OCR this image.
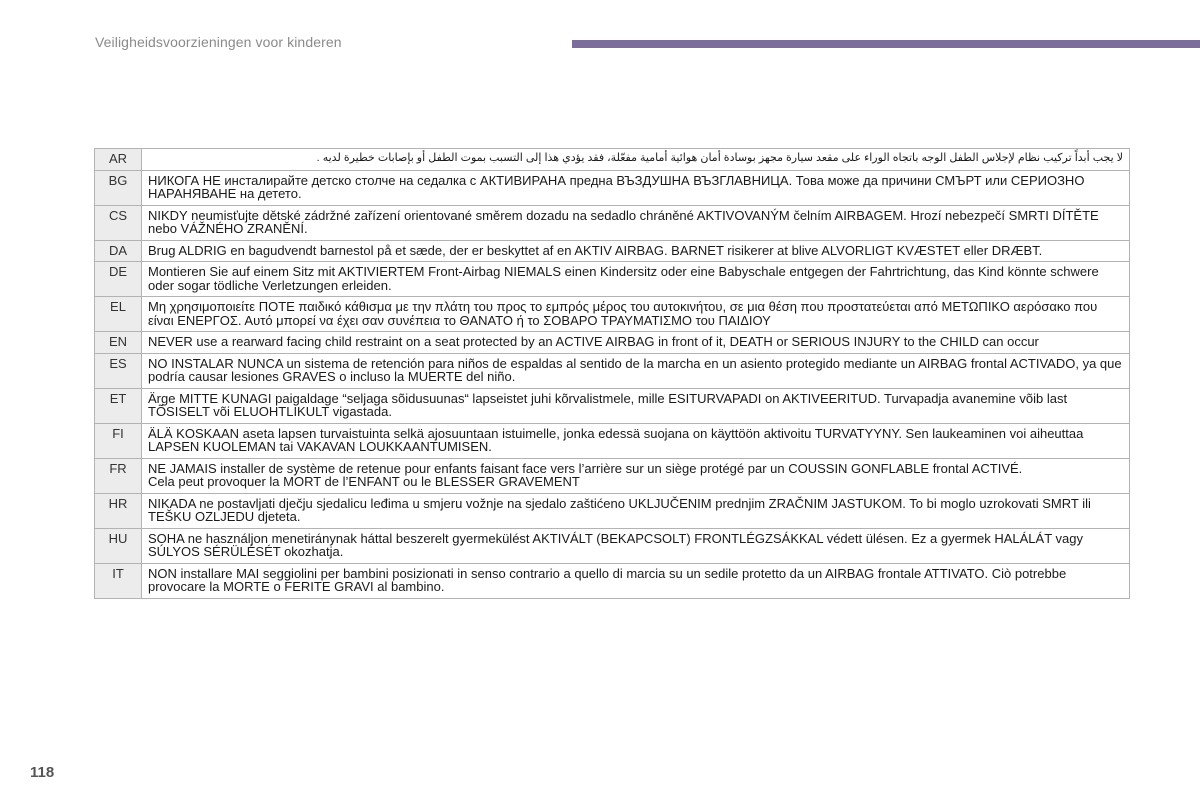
Veiligheidsvoorzieningen voor kinderen
AR	لا يجب أبداً تركيب نظام لإجلاس الطفل الوجه باتجاه الوراء على مقعد سيارة مجهز بوسادة أمان هوائية أمامية مفعّلة، فقد يؤدي هذا إلى التسبب بموت الطفل أو بإصابات خطيرة لديه .
BG	НИКОГА НЕ инсталирайте детско столче на седалка с АКТИВИРАНА предна ВЪЗДУШНА ВЪЗГЛАВНИЦА. Това може да причини СМЪРТ или СЕРИОЗНО НАРАНЯВАНЕ на детето.
CS	NIKDY neumisťujte dětské zádržné zařízení orientované směrem dozadu na sedadlo chráněné AKTIVOVANÝM čelním AIRBAGEM. Hrozí nebezpečí SMRTI DÍTĚTE nebo VÁŽNÉHO ZRANĚNÍ.
DA	Brug ALDRIG en bagudvendt barnestol på et sæde, der er beskyttet af en AKTIV AIRBAG. BARNET risikerer at blive ALVORLIGT KVÆSTET eller DRÆBT.
DE	Montieren Sie auf einem Sitz mit AKTIVIERTEM Front-Airbag NIEMALS einen Kindersitz oder eine Babyschale entgegen der Fahrtrichtung, das Kind könnte schwere oder sogar tödliche Verletzungen erleiden.
EL	Μη χρησιμοποιείτε ΠΟΤΕ παιδικό κάθισμα με την πλάτη του προς το εμπρός μέρος του αυτοκινήτου, σε μια θέση που προστατεύεται από ΜΕΤΩΠΙΚΟ αερόσακο που είναι ΕΝΕΡΓΟΣ. Αυτό μπορεί να έχει σαν συνέπεια το ΘΑΝΑΤΟ ή το ΣΟΒΑΡΟ ΤΡΑΥΜΑΤΙΣΜΟ του ΠΑΙΔΙΟΥ
EN	NEVER use a rearward facing child restraint on a seat protected by an ACTIVE AIRBAG in front of it, DEATH or SERIOUS INJURY to the CHILD can occur
ES	NO INSTALAR NUNCA un sistema de retención para niños de espaldas al sentido de la marcha en un asiento protegido mediante un AIRBAG frontal ACTIVADO, ya que podría causar lesiones GRAVES o incluso la MUERTE del niño.
ET	Ärge MITTE KUNAGI paigaldage “seljaga sõidusuunas“ lapseistet juhi kõrvalistmele, mille ESITURVAPADI on AKTIVEERITUD. Turvapadja avanemine võib last TÕSISELT või ELUOHTLIKULT vigastada.
FI	ÄLÄ KOSKAAN aseta lapsen turvaistuinta selkä ajosuuntaan istuimelle, jonka edessä suojana on käyttöön aktivoitu TURVATYYNY. Sen laukeaminen voi aiheuttaa LAPSEN KUOLEMAN tai VAKAVAN LOUKKAANTUMISEN.
FR	NE JAMAIS installer de système de retenue pour enfants faisant face vers l’arrière sur un siège protégé par un COUSSIN GONFLABLE frontal ACTIVÉ.
Cela peut provoquer la MORT de l’ENFANT ou le BLESSER GRAVEMENT
HR	NIKADA ne postavljati dječju sjedalicu leđima u smjeru vožnje na sjedalo zaštićeno UKLJUČENIM prednjim ZRAČNIM JASTUKOM. To bi moglo uzrokovati SMRT ili TEŠKU OZLJEDU djeteta.
HU	SOHA ne használjon menetiránynak háttal beszerelt gyermekülést AKTIVÁLT (BEKAPCSOLT) FRONTLÉGZSÁKKAL védett ülésen. Ez a gyermek HALÁLÁT vagy SÚLYOS SÉRÜLÉSÉT okozhatja.
IT	NON installare MAI seggiolini per bambini posizionati in senso contrario a quello di marcia su un sedile protetto da un AIRBAG frontale ATTIVATO. Ciò potrebbe provocare la MORTE o FERITE GRAVI al bambino.
118
